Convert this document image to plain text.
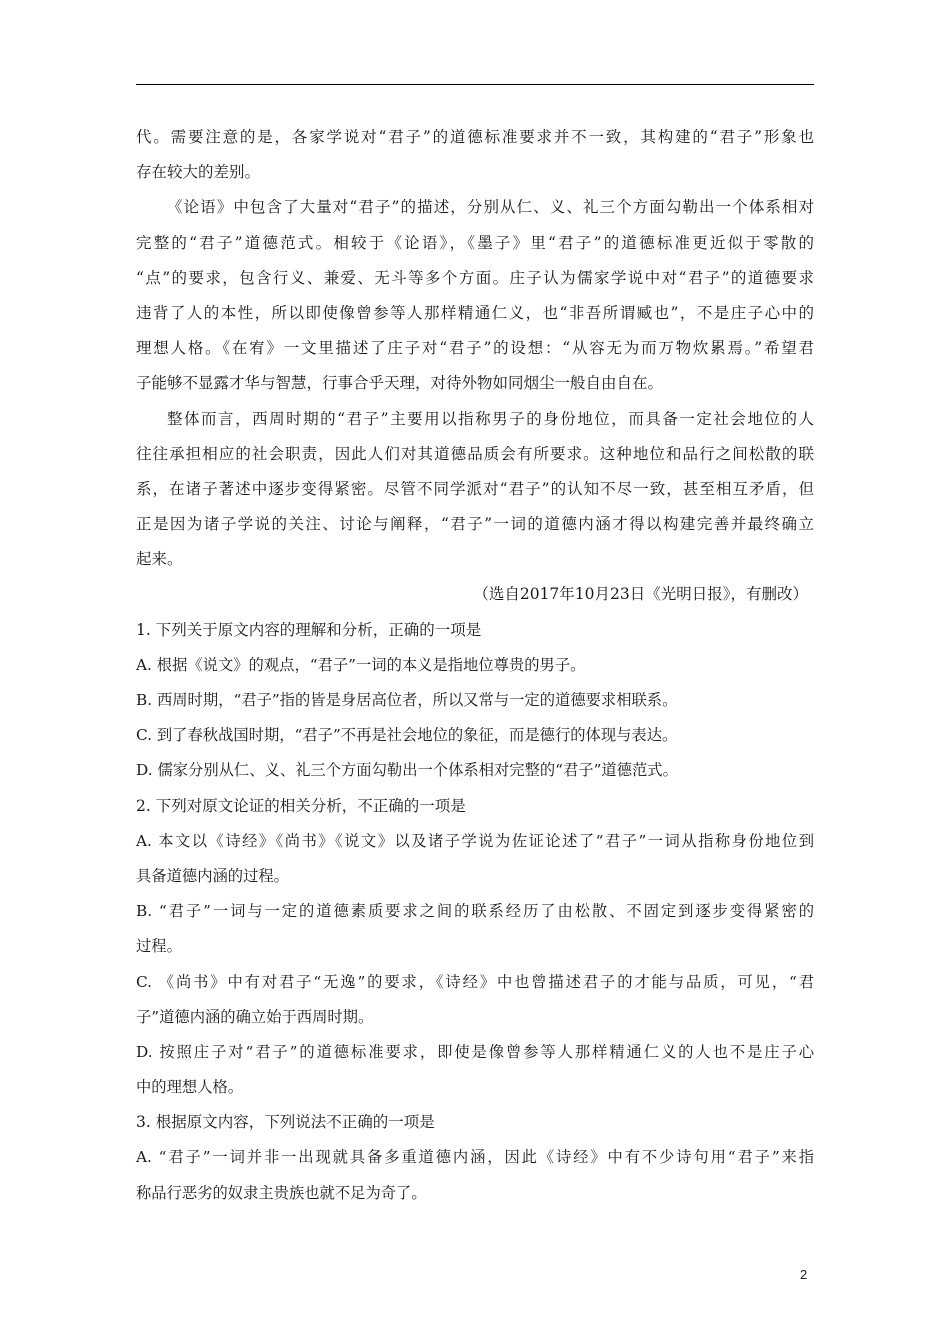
代。需要注意的是，各家学说对“君子”的道德标准要求并不一致，其构建的“君子”形象也
存在较大的差别。
《论语》中包含了大量对“君子”的描述，分别从仁、义、礼三个方面勾勒出一个体系相对
完整的“君子”道德范式。相较于《论语》，《墨子》里“君子”的道德标准更近似于零散的
“点”的要求，包含行义、兼爱、无斗等多个方面。庄子认为儒家学说中对“君子”的道德要求
违背了人的本性，所以即使像曾参等人那样精通仁义，也“非吾所谓臧也”，不是庄子心中的
理想人格。《在宥》一文里描述了庄子对“君子”的设想：“从容无为而万物炊累焉。”希望君
子能够不显露才华与智慧，行事合乎天理，对待外物如同烟尘一般自由自在。
整体而言，西周时期的“君子”主要用以指称男子的身份地位，而具备一定社会地位的人
往往承担相应的社会职责，因此人们对其道德品质会有所要求。这种地位和品行之间松散的联
系，在诸子著述中逐步变得紧密。尽管不同学派对“君子”的认知不尽一致，甚至相互矛盾，但
正是因为诸子学说的关注、讨论与阐释，“君子”一词的道德内涵才得以构建完善并最终确立
起来。
（选自2017年10月23日《光明日报》，有删改）
1. 下列关于原文内容的理解和分析，正确的一项是
A. 根据《说文》的观点，“君子”一词的本义是指地位尊贵的男子。
B. 西周时期，“君子”指的皆是身居高位者，所以又常与一定的道德要求相联系。
C. 到了春秋战国时期，“君子”不再是社会地位的象征，而是德行的体现与表达。
D. 儒家分别从仁、义、礼三个方面勾勒出一个体系相对完整的“君子”道德范式。
2. 下列对原文论证的相关分析，不正确的一项是
A. 本文以《诗经》《尚书》《说文》以及诸子学说为佐证论述了“君子”一词从指称身份地位到
具备道德内涵的过程。
B. “君子”一词与一定的道德素质要求之间的联系经历了由松散、不固定到逐步变得紧密的
过程。
C. 《尚书》中有对君子“无逸”的要求，《诗经》中也曾描述君子的才能与品质，可见，“君
子”道德内涵的确立始于西周时期。
D. 按照庄子对“君子”的道德标准要求，即使是像曾参等人那样精通仁义的人也不是庄子心
中的理想人格。
3. 根据原文内容，下列说法不正确的一项是
A. “君子”一词并非一出现就具备多重道德内涵，因此《诗经》中有不少诗句用“君子”来指
称品行恶劣的奴隶主贵族也就不足为奇了。
2
